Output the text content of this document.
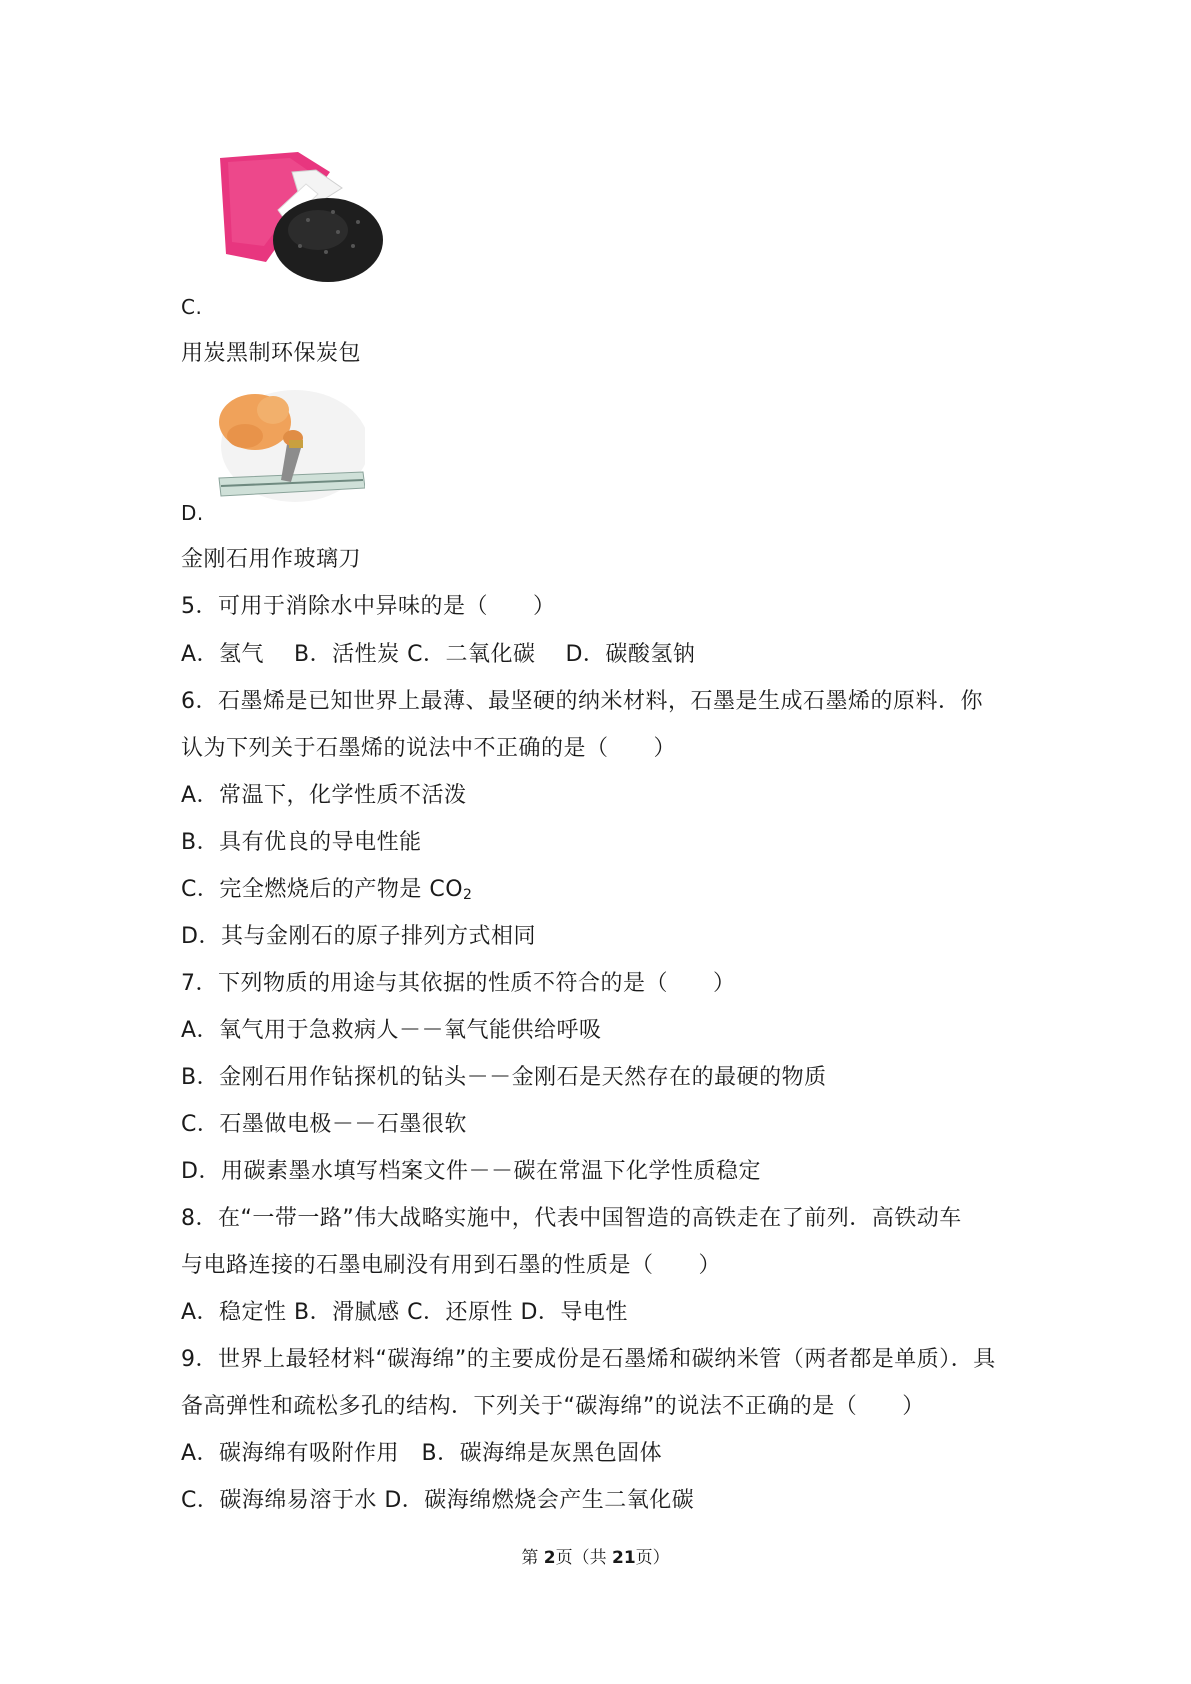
C.
用炭黑制环保炭包
D.
金刚石用作玻璃刀
5．可用于消除水中异味的是（　　）
A．氢气　 B．活性炭 C．二氧化碳　 D．碳酸氢钠
6．石墨烯是已知世界上最薄、最坚硬的纳米材料，石墨是生成石墨烯的原料．你
认为下列关于石墨烯的说法中不正确的是（　　）
A．常温下，化学性质不活泼
B．具有优良的导电性能
C．完全燃烧后的产物是 $CO_2$
D．其与金刚石的原子排列方式相同
7．下列物质的用途与其依据的性质不符合的是（　　）
A．氧气用于急救病人－－氧气能供给呼吸
B．金刚石用作钻探机的钻头－－金刚石是天然存在的最硬的物质
C．石墨做电极－－石墨很软
D．用碳素墨水填写档案文件－－碳在常温下化学性质稳定
8．在“一带一路”伟大战略实施中，代表中国智造的高铁走在了前列．高铁动车
与电路连接的石墨电刷没有用到石墨的性质是（　　）
A．稳定性 B．滑腻感 C．还原性 D．导电性
9．世界上最轻材料“碳海绵”的主要成份是石墨烯和碳纳米管（两者都是单质）．具
备高弹性和疏松多孔的结构．下列关于“碳海绵”的说法不正确的是（　　）
A．碳海绵有吸附作用　B．碳海绵是灰黑色固体
C．碳海绵易溶于水 D．碳海绵燃烧会产生二氧化碳
第 2页（共 21页）
